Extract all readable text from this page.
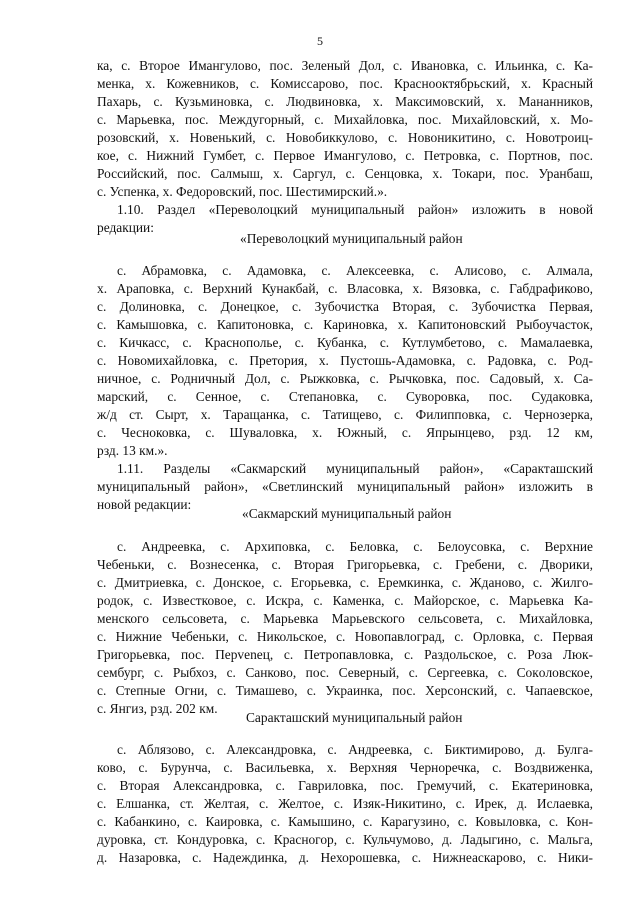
5
ка, с. Второе Имангулово, пос. Зеленый Дол, с. Ивановка, с. Ильинка, с. Ка-
менка, х. Кожевников, с. Комиссарово, пос. Краснооктябрьский, х. Красный
Пахарь, с. Кузьминовка, с. Людвиновка, х. Максимовский, х. Мананников,
с. Марьевка, пос. Междугорный, с. Михайловка, пос. Михайловский, х. Мо-
розовский, х. Новенький, с. Новобиккулово, с. Новоникитино, с. Новотроиц-
кое, с. Нижний Гумбет, с. Первое Имангулово, с. Петровка, с. Портнов, пос.
Российский, пос. Салмыш, х. Саргул, с. Сенцовка, х. Токари, пос. Уранбаш,
с. Успенка, х. Федоровский, пос. Шестимирский.».
1.10. Раздел «Переволоцкий муниципальный район» изложить в новой
редакции:
«Переволоцкий муниципальный район
с. Абрамовка, с. Адамовка, с. Алексеевка, с. Алисово, с. Алмала,
х. Араповка, с. Верхний Кунакбай, с. Власовка, х. Вязовка, с. Габдрафиково,
с. Долиновка, с. Донецкое, с. Зубочистка Вторая, с. Зубочистка Первая,
с. Камышовка, с. Капитоновка, с. Кариновка, х. Капитоновский Рыбоучасток,
с. Кичкасс, с. Краснополье, с. Кубанка, с. Кутлумбетово, с. Мамалаевка,
с. Новомихайловка, с. Претория, х. Пустошь-Адамовка, с. Радовка, с. Род-
ничное, с. Родничный Дол, с. Рыжковка, с. Рычковка, пос. Садовый, х. Са-
марский, с. Сенное, с. Степановка, с. Суворовка, пос. Судаковка,
ж/д ст. Сырт, х. Таращанка, с. Татищево, с. Филипповка, с. Чернозерка,
с. Чесноковка, с. Шуваловка, х. Южный, с. Япрынцево, рзд. 12 км,
рзд. 13 км.».
1.11. Разделы «Сакмарский муниципальный район», «Саракташский
муниципальный район», «Светлинский муниципальный район» изложить в
новой редакции:
«Сакмарский муниципальный район
с. Андреевка, с. Архиповка, с. Беловка, с. Белоусовка, с. Верхние
Чебеньки, с. Вознесенка, с. Вторая Григорьевка, с. Гребени, с. Дворики,
с. Дмитриевка, с. Донское, с. Егорьевка, с. Еремкинка, с. Жданово, с. Жилго-
родок, с. Известковое, с. Искра, с. Каменка, с. Майорское, с. Марьевка Ка-
менского сельсовета, с. Марьевка Марьевского сельсовета, с. Михайловка,
с. Нижние Чебеньки, с. Никольское, с. Новопавлоград, с. Орловка, с. Первая
Григорьевка, пос. Перvenец, с. Петропавловка, с. Раздольское, с. Роза Люк-
сембург, с. Рыбхоз, с. Санково, пос. Северный, с. Сергеевка, с. Сокoловское,
с. Степные Огни, с. Тимашево, с. Украинка, пос. Херсонский, с. Чапаевское,
с. Янгиз, рзд. 202 км.
Саракташский муниципальный район
с. Аблязово, с. Александровка, с. Андреевка, с. Биктимирово, д. Булга-
ково, с. Бурунча, с. Васильевка, х. Верхняя Черноречка, с. Воздвиженка,
с. Вторая Александровка, с. Гавриловка, пос. Гремучий, с. Екатериновка,
с. Елшанка, ст. Желтая, с. Желтое, с. Изяк-Никитино, с. Ирек, д. Ислаевка,
с. Кабанкино, с. Каировка, с. Камышино, с. Карагузино, с. Ковыловка, с. Кон-
дуровка, ст. Кондуровка, с. Красногор, с. Кульчумово, д. Ладыгино, с. Мальга,
д. Назаровка, с. Надеждинка, д. Нехорошевка, с. Нижнеаскарово, с. Ники-
